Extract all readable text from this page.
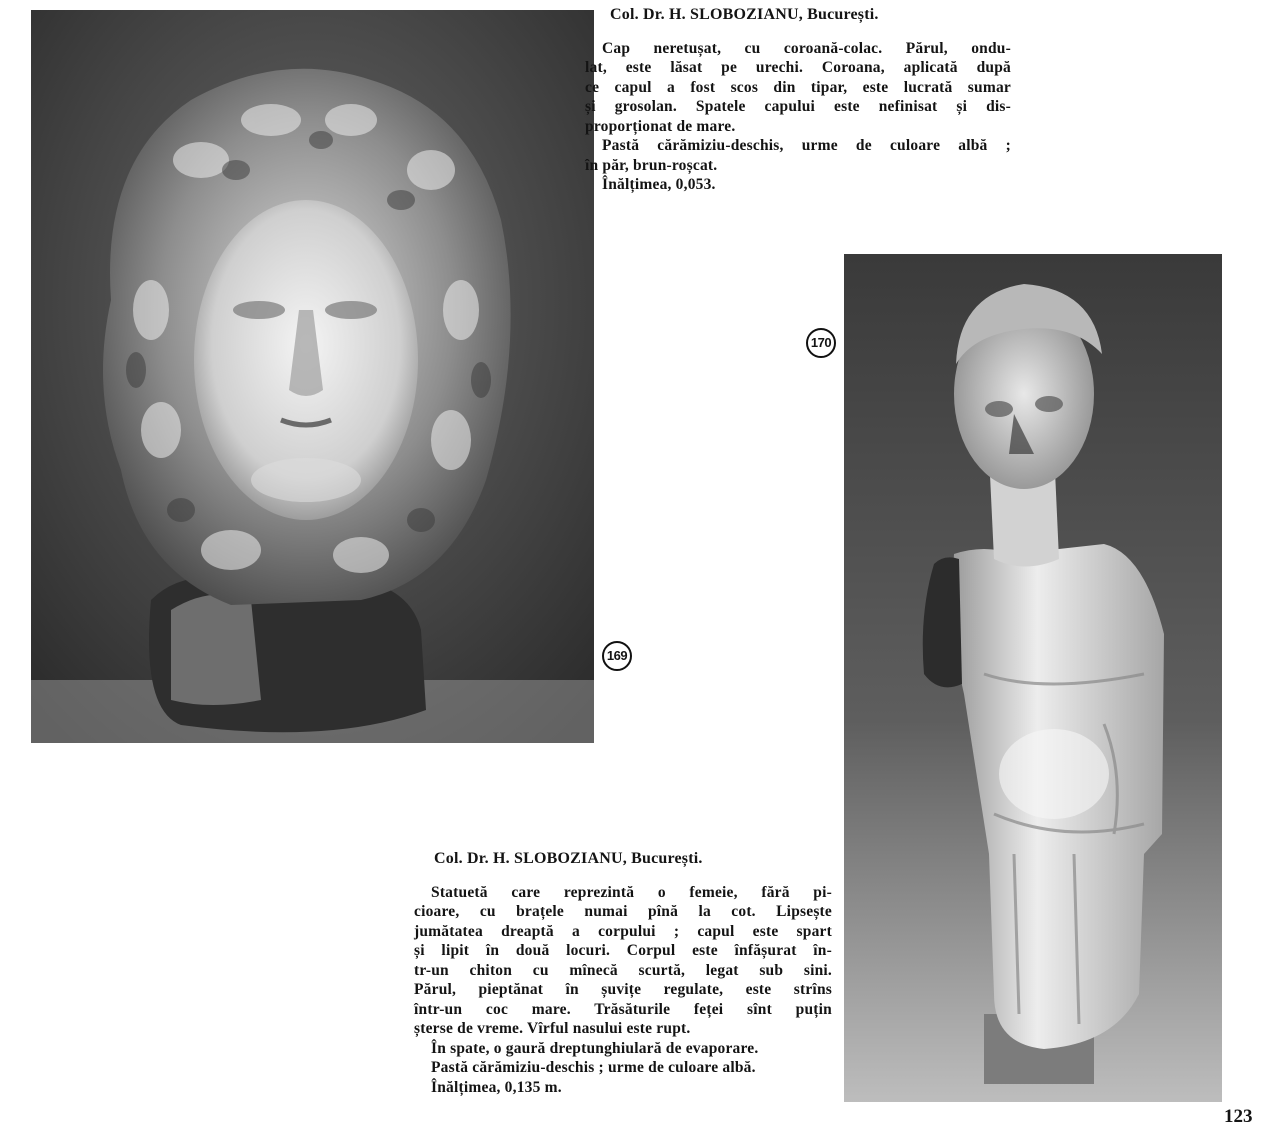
169
Col. Dr. H. SLOBOZIANU, București.

Cap neretușat, cu coroană-colac. Părul, ondu-

lat, este lăsat pe urechi. Coroana, aplicată după

ce capul a fost scos din tipar, este lucrată sumar

și grosolan. Spatele capului este nefinisat și dis-

proporționat de mare.

Pastă cărămiziu-deschis, urme de culoare albă ;

în păr, brun-roșcat.

Înălțimea, 0,053.

170
Col. Dr. H. SLOBOZIANU, București.

Statuetă care reprezintă o femeie, fără pi-

cioare, cu brațele numai pînă la cot. Lipsește

jumătatea dreaptă a corpului ; capul este spart

și lipit în două locuri. Corpul este înfășurat în-

tr-un chiton cu mînecă scurtă, legat sub sini.

Părul, pieptănat în șuvițe regulate, este strîns

într-un coc mare. Trăsăturile feței sînt puțin

șterse de vreme. Vîrful nasului este rupt.

În spate, o gaură dreptunghiulară de evaporare.

Pastă cărămiziu-deschis ; urme de culoare albă.

Înălțimea, 0,135 m.

123
